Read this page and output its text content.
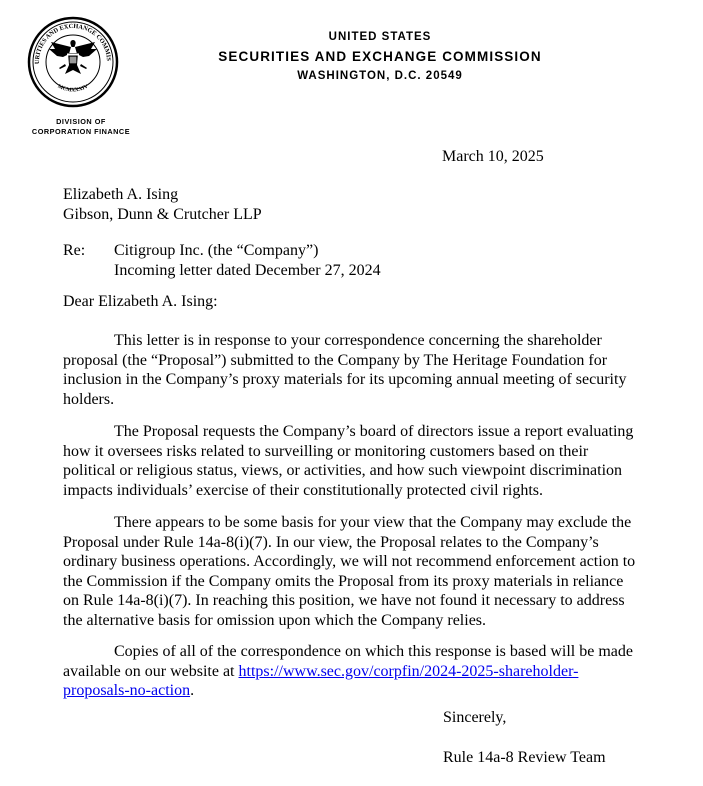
URITIES AND EXCHANGE COMMIS
MCMXXXIV
UNITED STATES
SECURITIES AND EXCHANGE COMMISSION
WASHINGTON, D.C. 20549
DIVISION OF
CORPORATION FINANCE
March 10, 2025
Elizabeth A. Ising
Gibson, Dunn & Crutcher LLP
Re: Citigroup Inc. (the “Company”)
Incoming letter dated December 27, 2024
Dear Elizabeth A. Ising:

This letter is in response to your correspondence concerning the shareholder
proposal (the “Proposal”) submitted to the Company by The Heritage Foundation for
inclusion in the Company’s proxy materials for its upcoming annual meeting of security
holders.

The Proposal requests the Company’s board of directors issue a report evaluating
how it oversees risks related to surveilling or monitoring customers based on their
political or religious status, views, or activities, and how such viewpoint discrimination
impacts individuals’ exercise of their constitutionally protected civil rights.

There appears to be some basis for your view that the Company may exclude the
Proposal under Rule 14a-8(i)(7). In our view, the Proposal relates to the Company’s
ordinary business operations. Accordingly, we will not recommend enforcement action to
the Commission if the Company omits the Proposal from its proxy materials in reliance
on Rule 14a-8(i)(7). In reaching this position, we have not found it necessary to address
the alternative basis for omission upon which the Company relies.

Copies of all of the correspondence on which this response is based will be made
available on our website at https://www.sec.gov/corpfin/2024-2025-shareholder-
proposals-no-action.

Sincerely,
Rule 14a-8 Review Team
